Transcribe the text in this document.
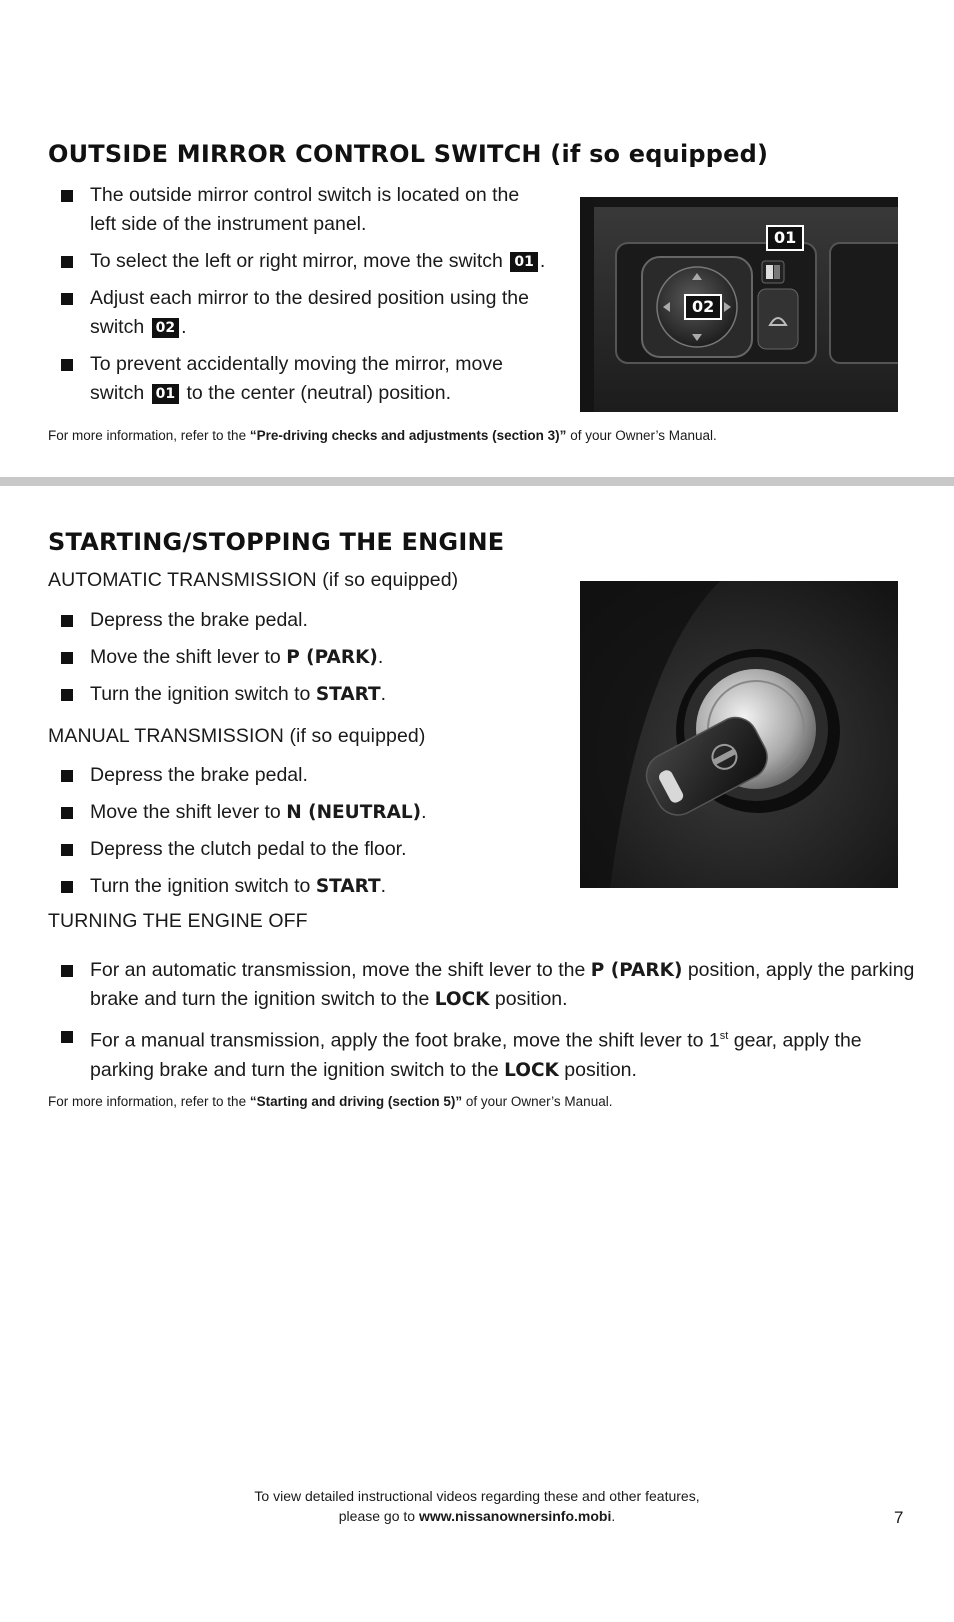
OUTSIDE MIRROR CONTROL SWITCH (if so equipped)
The outside mirror control switch is located on the
left side of the instrument panel.
To select the left or right mirror, move the switch 01 .
Adjust each mirror to the desired position using the
switch 02 .
To prevent accidentally moving the mirror, move
switch 01 to the center (neutral) position.
01
02

For more information, refer to the “Pre-driving checks and adjustments (section 3)” of your Owner’s Manual.

STARTING/STOPPING THE ENGINE

AUTOMATIC TRANSMISSION (if so equipped)

Depress the brake pedal.
Move the shift lever to P (PARK).
Turn the ignition switch to START.

MANUAL TRANSMISSION (if so equipped)

Depress the brake pedal.
Move the shift lever to N (NEUTRAL).
Depress the clutch pedal to the floor.
Turn the ignition switch to START.

TURNING THE ENGINE OFF

For an automatic transmission, move the shift lever to the P (PARK) position, apply the parking
brake and turn the ignition switch to the LOCK position.
For a manual transmission, apply the foot brake, move the shift lever to 1st gear, apply the
parking brake and turn the ignition switch to the LOCK position.

For more information, refer to the “Starting and driving (section 5)” of your Owner’s Manual.

To view detailed instructional videos regarding these and other features,
please go to www.nissanownersinfo.mobi.	7
